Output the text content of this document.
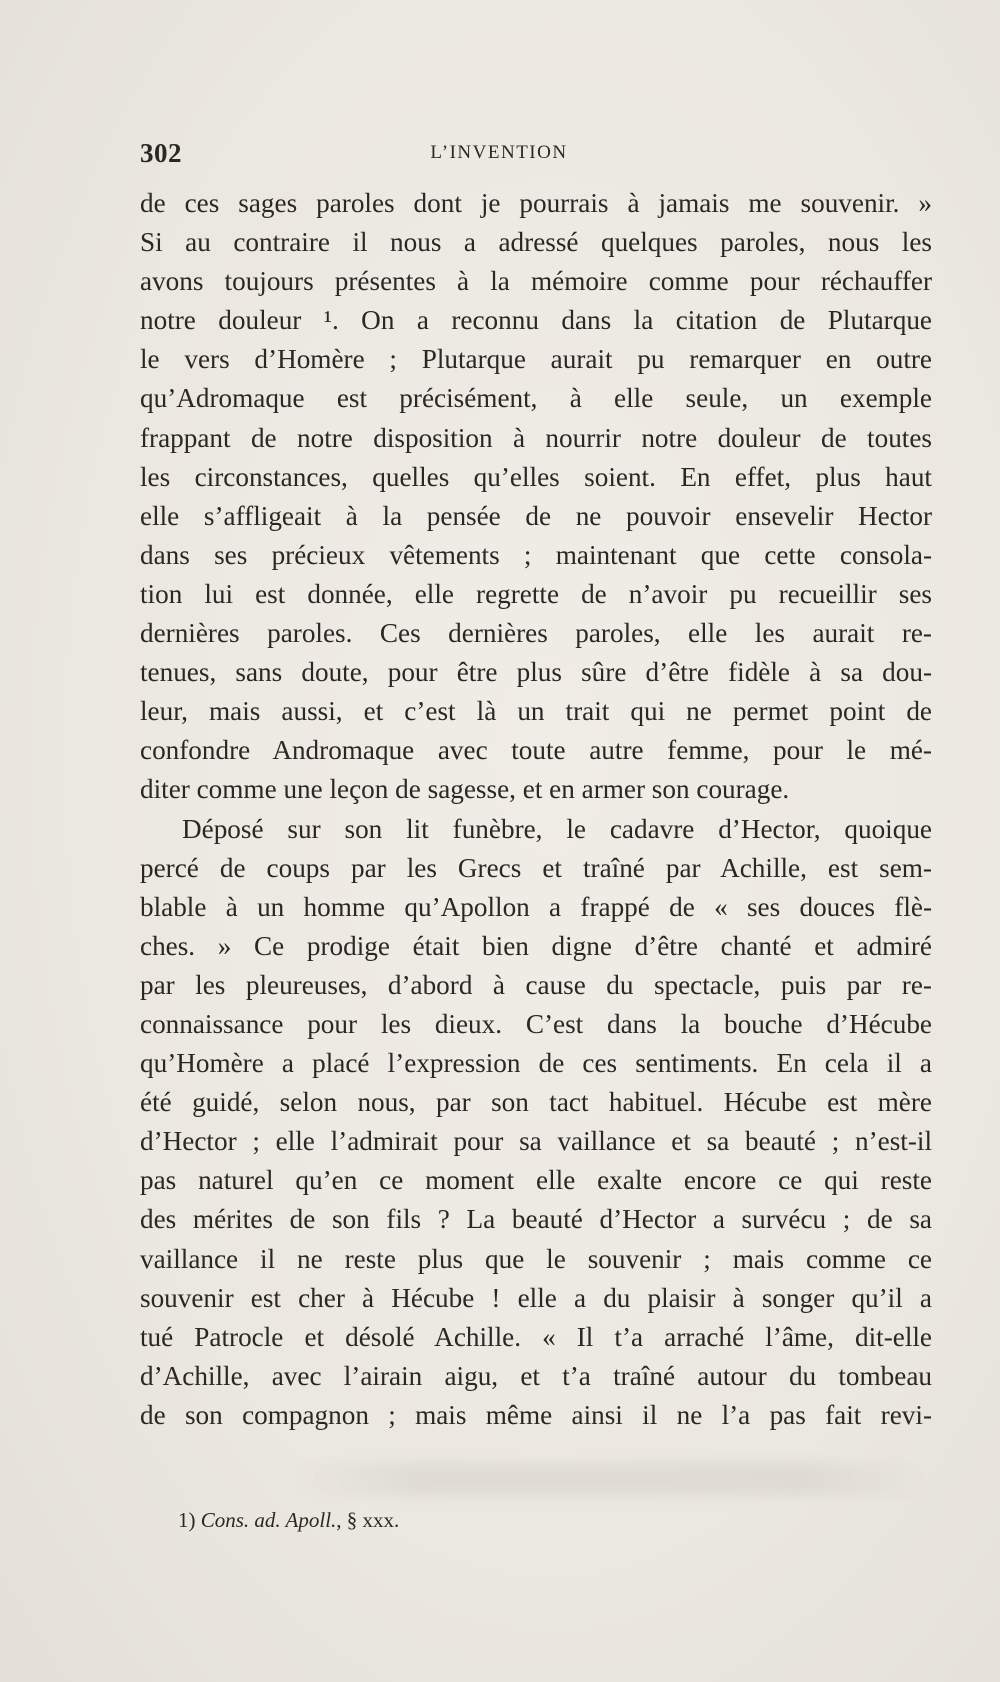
302	L’INVENTION
de ces sages paroles dont je pourrais à jamais me souvenir. »
Si au contraire il nous a adressé quelques paroles, nous les
avons toujours présentes à la mémoire comme pour réchauffer
notre douleur ¹. On a reconnu dans la citation de Plutarque
le vers d’Homère ; Plutarque aurait pu remarquer en outre
qu’Adromaque est précisément, à elle seule, un exemple
frappant de notre disposition à nourrir notre douleur de toutes
les circonstances, quelles qu’elles soient. En effet, plus haut
elle s’affligeait à la pensée de ne pouvoir ensevelir Hector
dans ses précieux vêtements ; maintenant que cette consola-
tion lui est donnée, elle regrette de n’avoir pu recueillir ses
dernières paroles. Ces dernières paroles, elle les aurait re-
tenues, sans doute, pour être plus sûre d’être fidèle à sa dou-
leur, mais aussi, et c’est là un trait qui ne permet point de
confondre Andromaque avec toute autre femme, pour le mé-
diter comme une leçon de sagesse, et en armer son courage.
Déposé sur son lit funèbre, le cadavre d’Hector, quoique
percé de coups par les Grecs et traîné par Achille, est sem-
blable à un homme qu’Apollon a frappé de « ses douces flè-
ches. » Ce prodige était bien digne d’être chanté et admiré
par les pleureuses, d’abord à cause du spectacle, puis par re-
connaissance pour les dieux. C’est dans la bouche d’Hécube
qu’Homère a placé l’expression de ces sentiments. En cela il a
été guidé, selon nous, par son tact habituel. Hécube est mère
d’Hector ; elle l’admirait pour sa vaillance et sa beauté ; n’est-il
pas naturel qu’en ce moment elle exalte encore ce qui reste
des mérites de son fils ? La beauté d’Hector a survécu ; de sa
vaillance il ne reste plus que le souvenir ; mais comme ce
souvenir est cher à Hécube ! elle a du plaisir à songer qu’il a
tué Patrocle et désolé Achille. « Il t’a arraché l’âme, dit-elle
d’Achille, avec l’airain aigu, et t’a traîné autour du tombeau
de son compagnon ; mais même ainsi il ne l’a pas fait revi-
1) Cons. ad. Apoll., § xxx.
